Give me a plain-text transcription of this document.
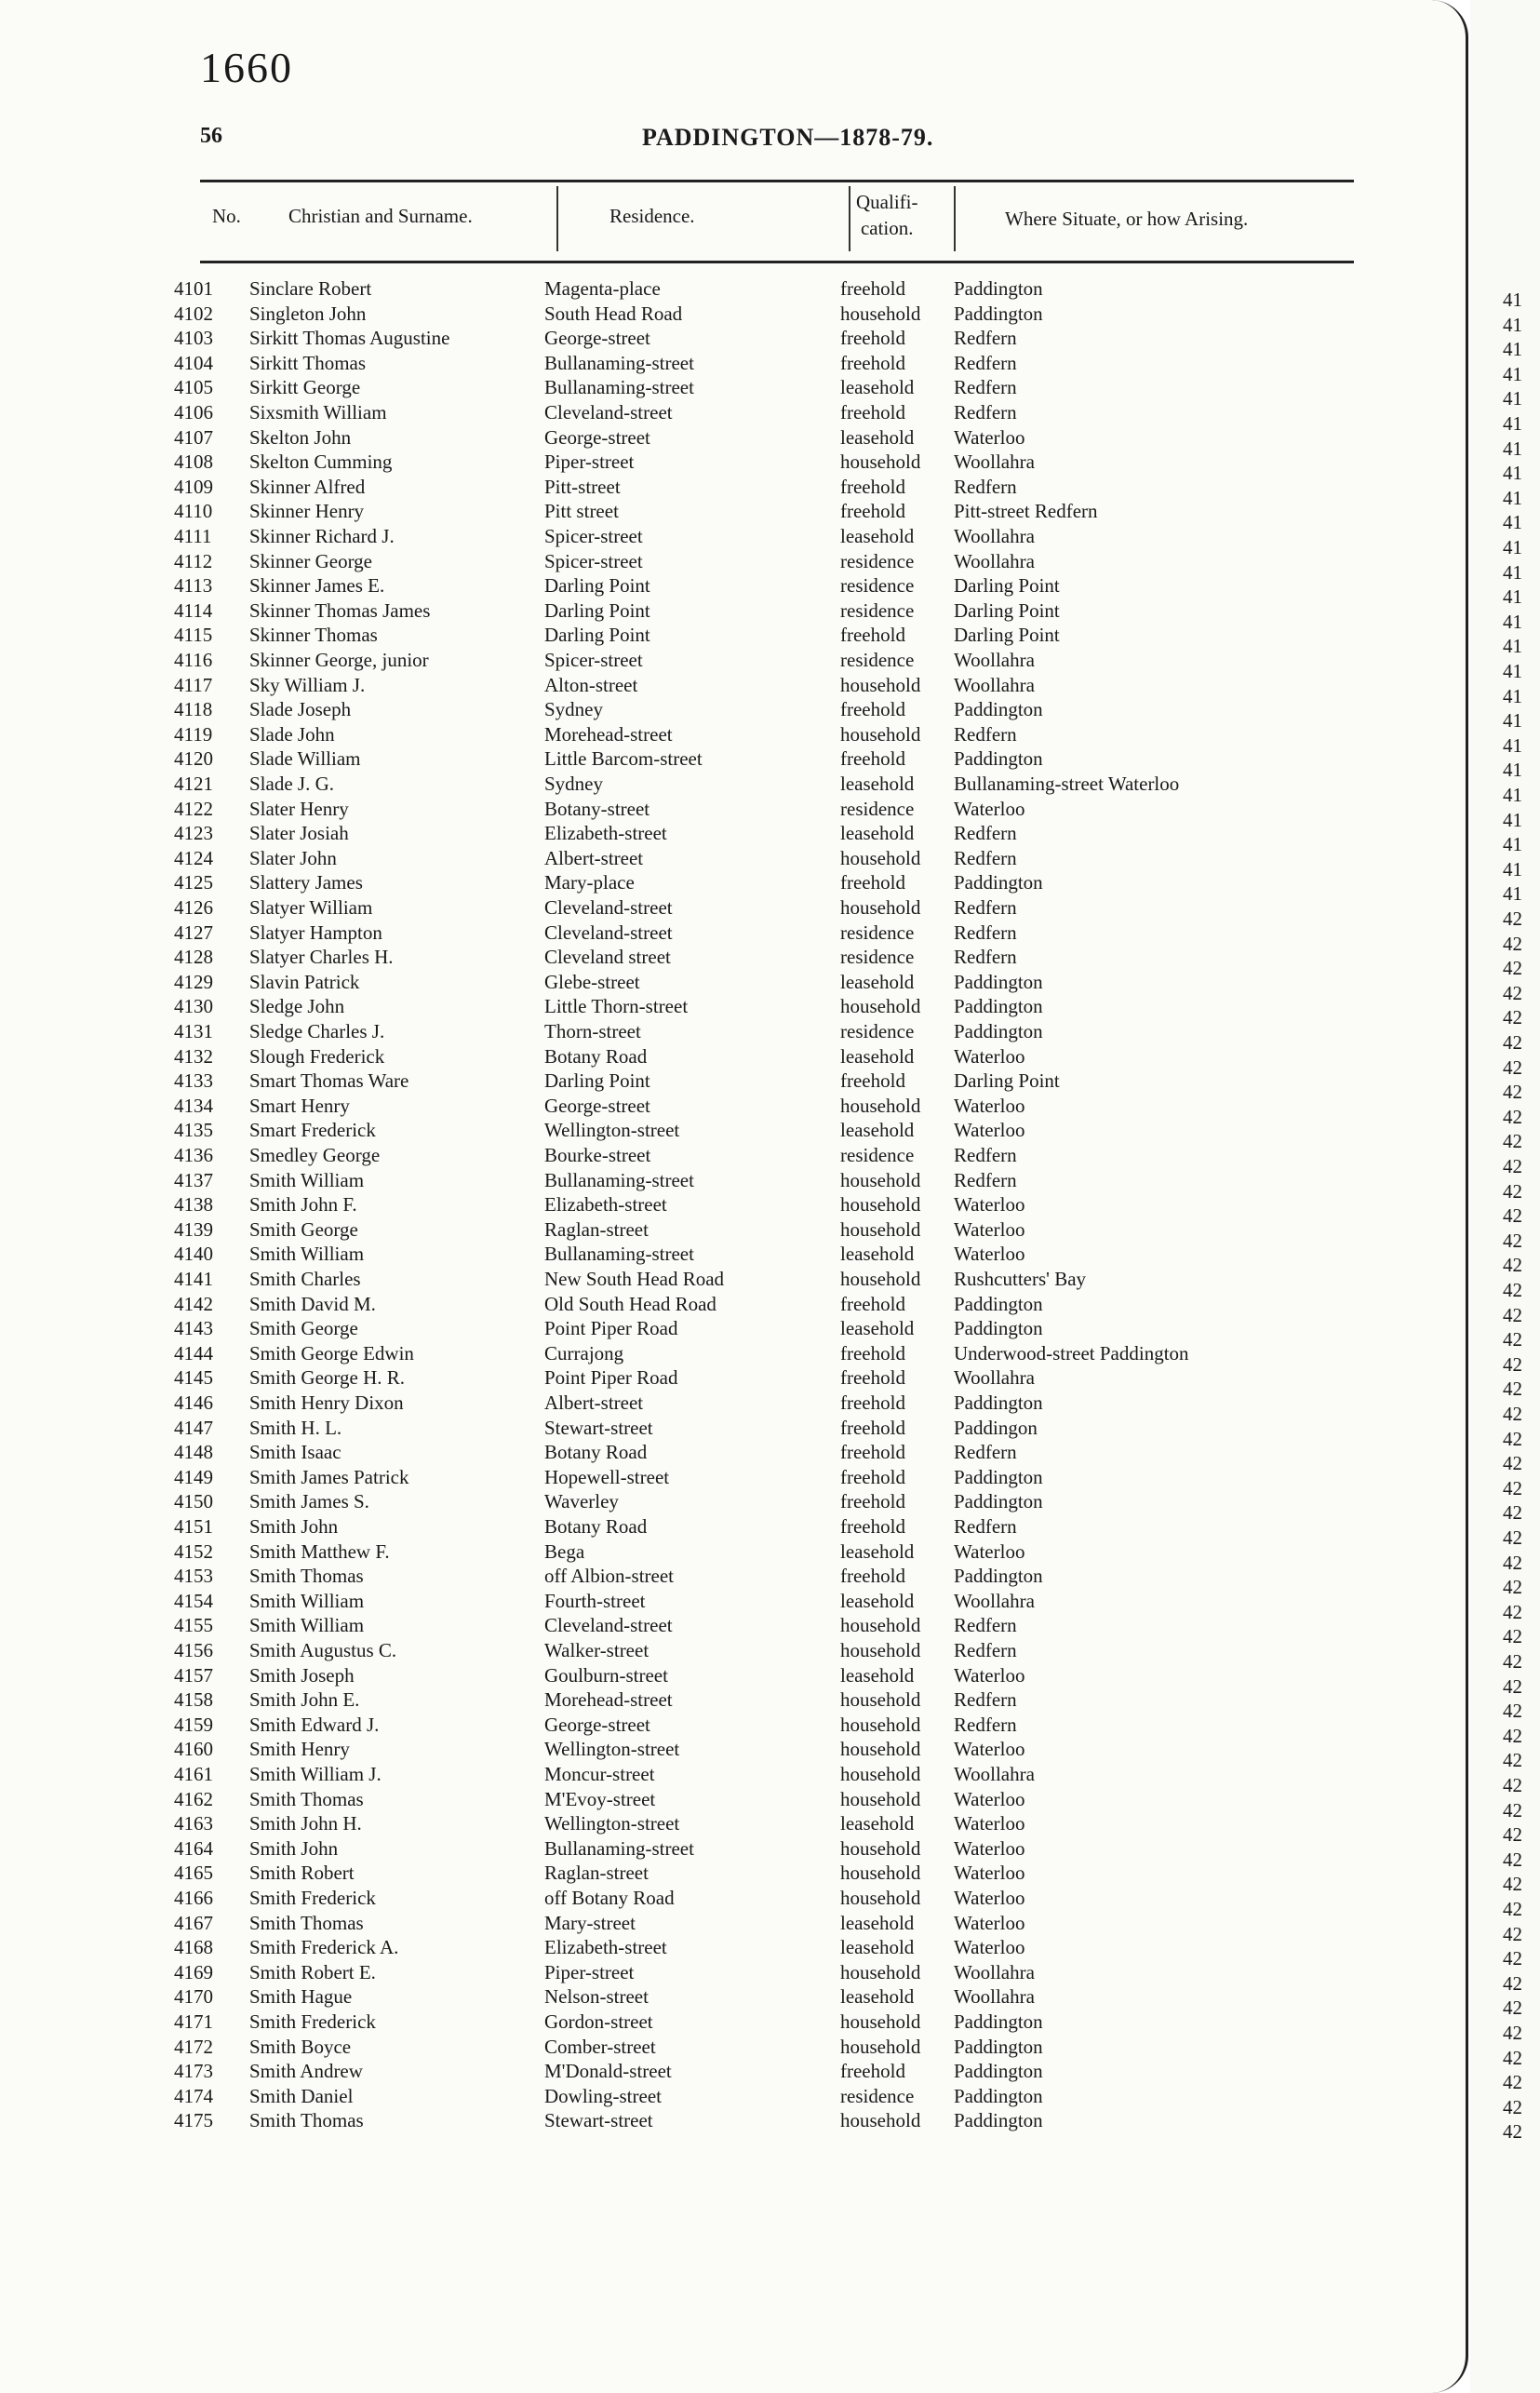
1660
56	PADDINGTON—1878-79.
No. Christian and Surname.	Residence.
Qualifi-
cation.	Where Situate, or how Arising.
4101 Sinclare Robert	Magenta-place	freehold Paddington
4102 Singleton John	South Head Road	household Paddington
4103 Sirkitt Thomas Augustine	George-street	freehold Redfern
4104 Sirkitt Thomas	Bullanaming-street	freehold Redfern
4105 Sirkitt George	Bullanaming-street	leasehold Redfern
4106 Sixsmith William	Cleveland-street	freehold Redfern
4107 Skelton John	George-street	leasehold Waterloo
4108 Skelton Cumming	Piper-street	household Woollahra
4109 Skinner Alfred	Pitt-street	freehold Redfern
4110 Skinner Henry	Pitt street	freehold Pitt-street Redfern
4111 Skinner Richard J.	Spicer-street	leasehold Woollahra
4112 Skinner George	Spicer-street	residence Woollahra
4113 Skinner James E.	Darling Point	residence Darling Point
4114 Skinner Thomas James	Darling Point	residence Darling Point
4115 Skinner Thomas	Darling Point	freehold Darling Point
4116 Skinner George, junior	Spicer-street	residence Woollahra
4117 Sky William J.	Alton-street	household Woollahra
4118 Slade Joseph	Sydney	freehold Paddington
4119 Slade John	Morehead-street	household Redfern
4120 Slade William	Little Barcom-street	freehold Paddington
4121 Slade J. G.	Sydney	leasehold Bullanaming-street Waterloo
4122 Slater Henry	Botany-street	residence Waterloo
4123 Slater Josiah	Elizabeth-street	leasehold Redfern
4124 Slater John	Albert-street	household Redfern
4125 Slattery James	Mary-place	freehold Paddington
4126 Slatyer William	Cleveland-street	household Redfern
4127 Slatyer Hampton	Cleveland-street	residence Redfern
4128 Slatyer Charles H.	Cleveland street	residence Redfern
4129 Slavin Patrick	Glebe-street	leasehold Paddington
4130 Sledge John	Little Thorn-street	household Paddington
4131 Sledge Charles J.	Thorn-street	residence Paddington
4132 Slough Frederick	Botany Road	leasehold Waterloo
4133 Smart Thomas Ware	Darling Point	freehold Darling Point
4134 Smart Henry	George-street	household Waterloo
4135 Smart Frederick	Wellington-street	leasehold Waterloo
4136 Smedley George	Bourke-street	residence Redfern
4137 Smith William	Bullanaming-street	household Redfern
4138 Smith John F.	Elizabeth-street	household Waterloo
4139 Smith George	Raglan-street	household Waterloo
4140 Smith William	Bullanaming-street	leasehold Waterloo
4141 Smith Charles	New South Head Road	household Rushcutters' Bay
4142 Smith David M.	Old South Head Road	freehold Paddington
4143 Smith George	Point Piper Road	leasehold Paddington
4144 Smith George Edwin	Currajong	freehold Underwood-street Paddington
4145 Smith George H. R.	Point Piper Road	freehold Woollahra
4146 Smith Henry Dixon	Albert-street	freehold Paddington
4147 Smith H. L.	Stewart-street	freehold Paddingon
4148 Smith Isaac	Botany Road	freehold Redfern
4149 Smith James Patrick	Hopewell-street	freehold Paddington
4150 Smith James S.	Waverley	freehold Paddington
4151 Smith John	Botany Road	freehold Redfern
4152 Smith Matthew F.	Bega	leasehold Waterloo
4153 Smith Thomas	off Albion-street	freehold Paddington
4154 Smith William	Fourth-street	leasehold Woollahra
4155 Smith William	Cleveland-street	household Redfern
4156 Smith Augustus C.	Walker-street	household Redfern
4157 Smith Joseph	Goulburn-street	leasehold Waterloo
4158 Smith John E.	Morehead-street	household Redfern
4159 Smith Edward J.	George-street	household Redfern
4160 Smith Henry	Wellington-street	household Waterloo
4161 Smith William J.	Moncur-street	household Woollahra
4162 Smith Thomas	M'Evoy-street	household Waterloo
4163 Smith John H.	Wellington-street	leasehold Waterloo
4164 Smith John	Bullanaming-street	household Waterloo
4165 Smith Robert	Raglan-street	household Waterloo
4166 Smith Frederick	off Botany Road	household Waterloo
4167 Smith Thomas	Mary-street	leasehold Waterloo
4168 Smith Frederick A.	Elizabeth-street	leasehold Waterloo
4169 Smith Robert E.	Piper-street	household Woollahra
4170 Smith Hague	Nelson-street	leasehold Woollahra
4171 Smith Frederick	Gordon-street	household Paddington
4172 Smith Boyce	Comber-street	household Paddington
4173 Smith Andrew	M'Donald-street	freehold Paddington
4174 Smith Daniel	Dowling-street	residence Paddington
4175 Smith Thomas	Stewart-street	household Paddington
41
41
41
41
41
41
41
41
41
41
41
41
41
41
41
41
41
41
41
41
41
41
41
41
41
42
42
42
42
42
42
42
42
42
42
42
42
42
42
42
42
42
42
42
42
42
42
42
42
42
42
42
42
42
42
42
42
42
42
42
42
42
42
42
42
42
42
42
42
42
42
42
42
42
42
